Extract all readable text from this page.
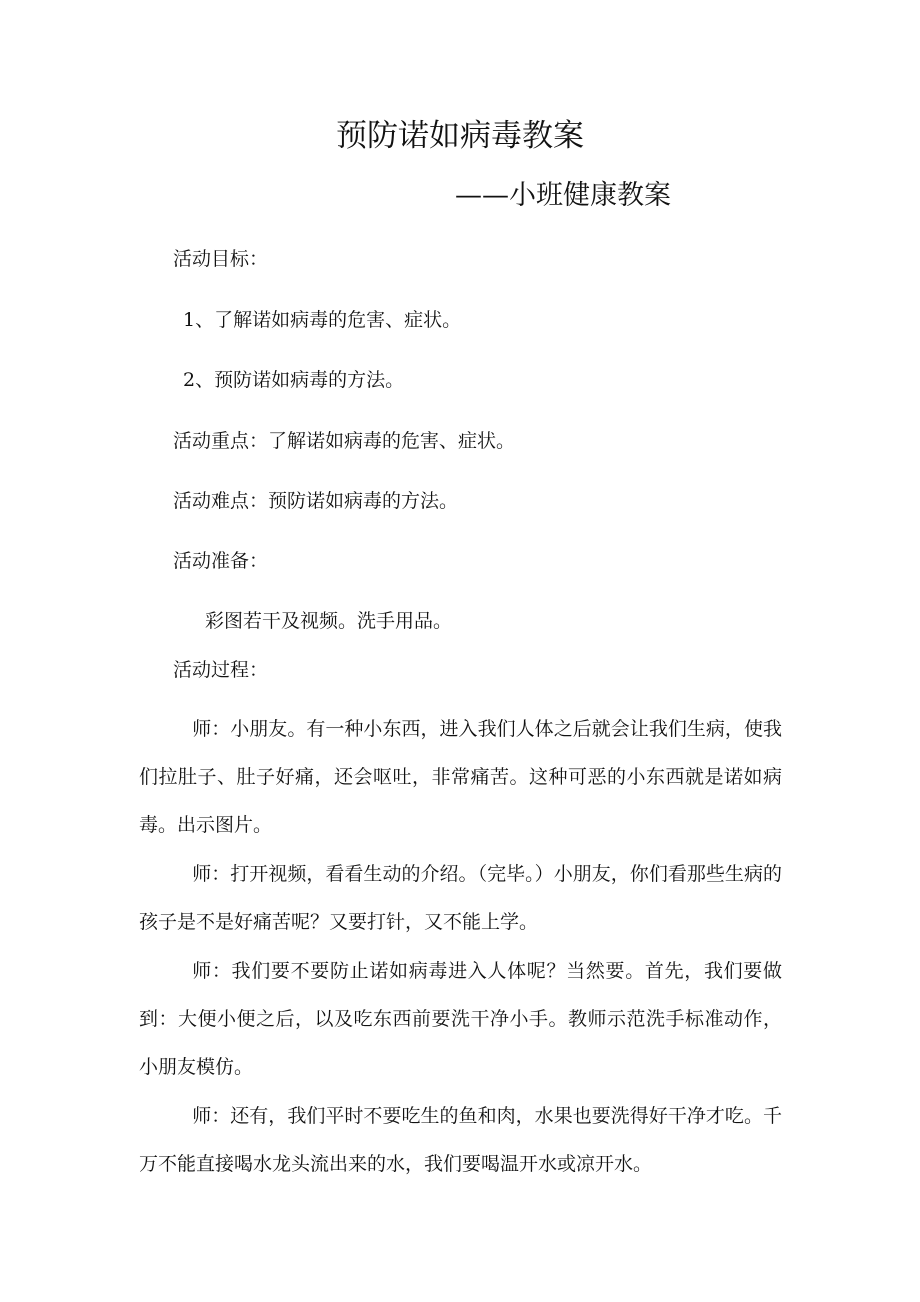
预防诺如病毒教案
——小班健康教案
活动目标：
1、了解诺如病毒的危害、症状。
2、预防诺如病毒的方法。
活动重点：了解诺如病毒的危害、症状。
活动难点：预防诺如病毒的方法。
活动准备：
彩图若干及视频。洗手用品。
活动过程：

师：小朋友。有一种小东西，进入我们人体之后就会让我们生病，使我们拉肚子、肚子好痛，还会呕吐，非常痛苦。这种可恶的小东西就是诺如病毒。出示图片。

师：打开视频，看看生动的介绍。（完毕。）小朋友，你们看那些生病的孩子是不是好痛苦呢？又要打针，又不能上学。

师：我们要不要防止诺如病毒进入人体呢？当然要。首先，我们要做到：大便小便之后，以及吃东西前要洗干净小手。教师示范洗手标准动作，小朋友模仿。

师：还有，我们平时不要吃生的鱼和肉，水果也要洗得好干净才吃。千万不能直接喝水龙头流出来的水，我们要喝温开水或凉开水。
